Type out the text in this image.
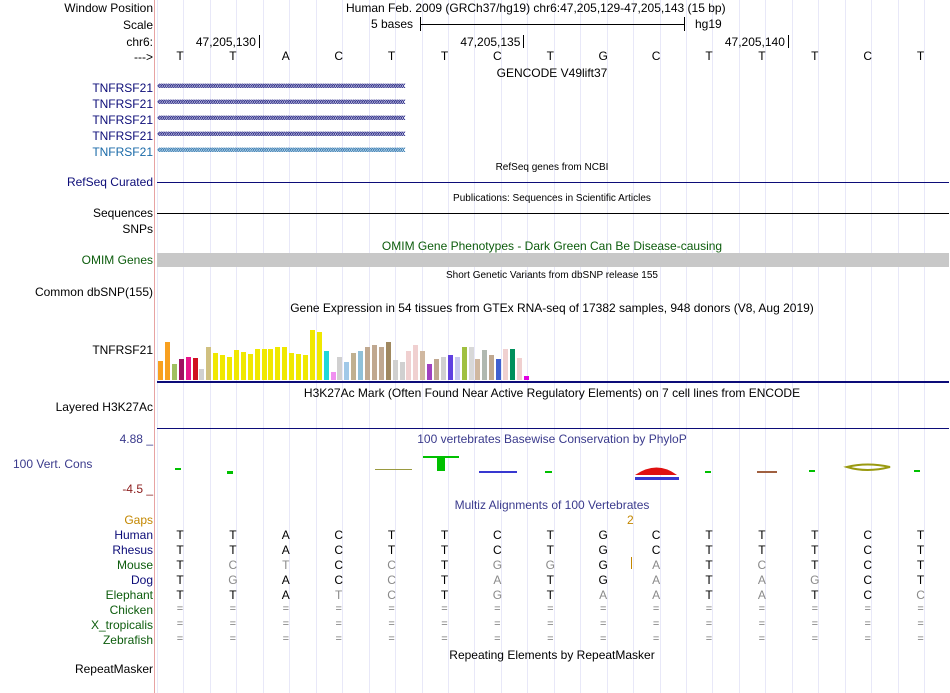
Window Position	Human Feb. 2009 (GRCh37/hg19) chr6:47,205,129-47,205,143 (15 bp)
Scale	5 bases	hg19
chr6:	47,205,130	47,205,135	47,205,140
---> T	T	A	C	T	T	C	T	G	C	T	T	T	C	T
GENCODE V49lift37
TNFRSF21 ‹‹‹‹‹‹‹‹‹‹‹‹‹‹‹‹‹‹‹‹‹‹‹‹‹‹‹‹‹‹‹‹‹‹‹‹‹‹‹‹‹‹‹‹‹‹‹‹‹‹‹‹‹‹‹‹‹‹‹‹‹‹‹‹‹‹‹‹‹‹‹‹‹‹‹‹‹‹‹‹‹‹‹‹‹‹‹‹‹‹‹‹‹‹‹‹‹‹‹‹‹‹‹‹‹‹‹‹‹‹‹‹‹‹‹‹‹‹‹‹‹‹‹‹‹‹‹‹‹‹‹‹‹‹‹‹‹‹‹‹
TNFRSF21 ‹‹‹‹‹‹‹‹‹‹‹‹‹‹‹‹‹‹‹‹‹‹‹‹‹‹‹‹‹‹‹‹‹‹‹‹‹‹‹‹‹‹‹‹‹‹‹‹‹‹‹‹‹‹‹‹‹‹‹‹‹‹‹‹‹‹‹‹‹‹‹‹‹‹‹‹‹‹‹‹‹‹‹‹‹‹‹‹‹‹‹‹‹‹‹‹‹‹‹‹‹‹‹‹‹‹‹‹‹‹‹‹‹‹‹‹‹‹‹‹‹‹‹‹‹‹‹‹‹‹‹‹‹‹‹‹‹‹‹‹
TNFRSF21 ‹‹‹‹‹‹‹‹‹‹‹‹‹‹‹‹‹‹‹‹‹‹‹‹‹‹‹‹‹‹‹‹‹‹‹‹‹‹‹‹‹‹‹‹‹‹‹‹‹‹‹‹‹‹‹‹‹‹‹‹‹‹‹‹‹‹‹‹‹‹‹‹‹‹‹‹‹‹‹‹‹‹‹‹‹‹‹‹‹‹‹‹‹‹‹‹‹‹‹‹‹‹‹‹‹‹‹‹‹‹‹‹‹‹‹‹‹‹‹‹‹‹‹‹‹‹‹‹‹‹‹‹‹‹‹‹‹‹‹‹
TNFRSF21 ‹‹‹‹‹‹‹‹‹‹‹‹‹‹‹‹‹‹‹‹‹‹‹‹‹‹‹‹‹‹‹‹‹‹‹‹‹‹‹‹‹‹‹‹‹‹‹‹‹‹‹‹‹‹‹‹‹‹‹‹‹‹‹‹‹‹‹‹‹‹‹‹‹‹‹‹‹‹‹‹‹‹‹‹‹‹‹‹‹‹‹‹‹‹‹‹‹‹‹‹‹‹‹‹‹‹‹‹‹‹‹‹‹‹‹‹‹‹‹‹‹‹‹‹‹‹‹‹‹‹‹‹‹‹‹‹‹‹‹‹
TNFRSF21 ‹‹‹‹‹‹‹‹‹‹‹‹‹‹‹‹‹‹‹‹‹‹‹‹‹‹‹‹‹‹‹‹‹‹‹‹‹‹‹‹‹‹‹‹‹‹‹‹‹‹‹‹‹‹‹‹‹‹‹‹‹‹‹‹‹‹‹‹‹‹‹‹‹‹‹‹‹‹‹‹‹‹‹‹‹‹‹‹‹‹‹‹‹‹‹‹‹‹‹‹‹‹‹‹‹‹‹‹‹‹‹‹‹‹‹‹‹‹‹‹‹‹‹‹‹‹‹‹‹‹‹‹‹‹‹‹‹‹‹‹
RefSeq genes from NCBI
RefSeq Curated
Publications: Sequences in Scientific Articles
Sequences
SNPs
OMIM Gene Phenotypes - Dark Green Can Be Disease-causing
OMIM Genes
Short Genetic Variants from dbSNP release 155
Common dbSNP(155)
Gene Expression in 54 tissues from GTEx RNA-seq of 17382 samples, 948 donors (V8, Aug 2019)
TNFRSF21
H3K27Ac Mark (Often Found Near Active Regulatory Elements) on 7 cell lines from ENCODE
Layered H3K27Ac
100 vertebrates Basewise Conservation by PhyloP
4.88 _
100 Vert. Cons
-4.5 _
Multiz Alignments of 100 Vertebrates
Gaps	2
Human T	T	A	C	T	T	C	T	G	C	T	T	T	C	T
Rhesus T	T	A	C	T	T	C	T	G	C	T	T	T	C	T
Mouse T	C	T	C	C	T	G	G	G	A	T	C	T	C	T
Dog T	G	A	C	C	T	A	T	G	A	T	A	G	C	T
Elephant T	T	A	T	C	T	G	T	A	A	T	A	T	C	C
Chicken =	=	=	=	=	=	=	=	=	=	=	=	=	=	=
X_tropicalis =	=	=	=	=	=	=	=	=	=	=	=	=	=	=
Zebrafish =	=	=	=	=	=	=	=	=	=	=	=	=	=	=
Repeating Elements by RepeatMasker
RepeatMasker
